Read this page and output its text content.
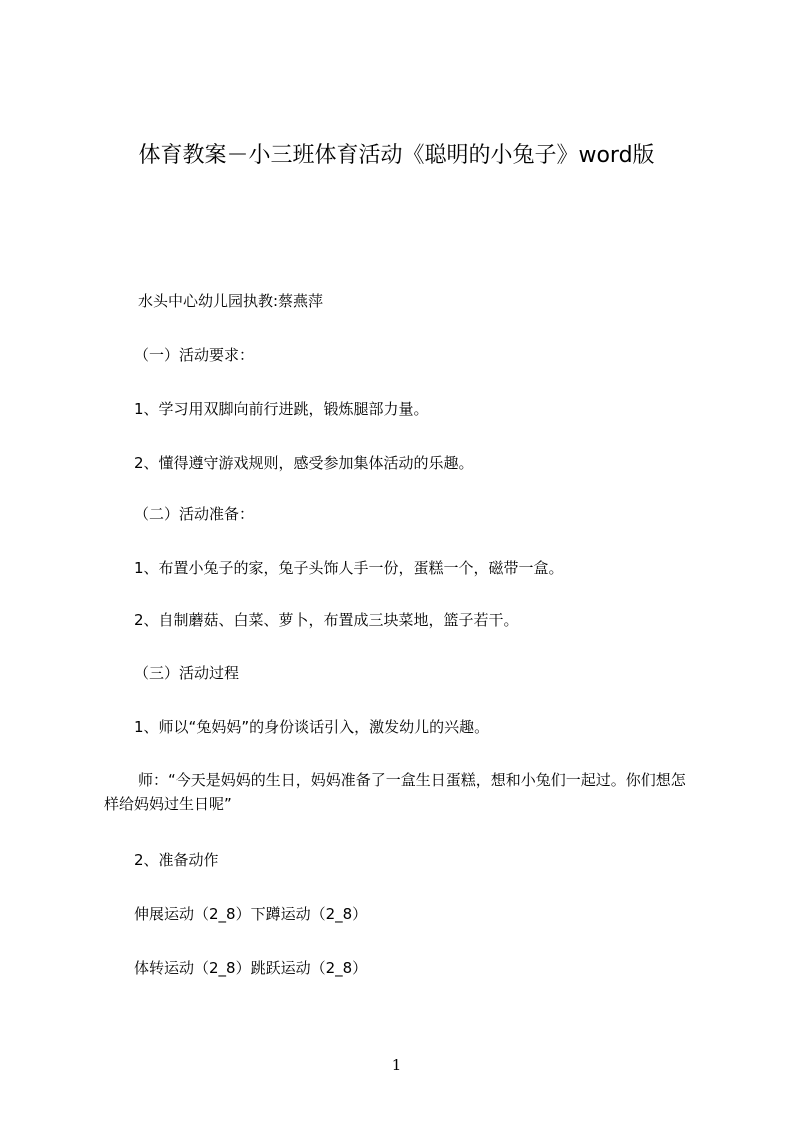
体育教案－小三班体育活动《聪明的小兔子》word版

水头中心幼儿园执教:蔡燕萍

（一）活动要求：

1、学习用双脚向前行进跳，锻炼腿部力量。

2、懂得遵守游戏规则，感受参加集体活动的乐趣。

（二）活动准备：

1、布置小兔子的家，兔子头饰人手一份，蛋糕一个，磁带一盒。

2、自制蘑菇、白菜、萝卜，布置成三块菜地，篮子若干。

（三）活动过程

1、师以“兔妈妈”的身份谈话引入，激发幼儿的兴趣。

师：“今天是妈妈的生日，妈妈准备了一盒生日蛋糕，想和小兔们一起过。你们想怎样给妈妈过生日呢”

2、准备动作

伸展运动（2_8）下蹲运动（2_8）

体转运动（2_8）跳跃运动（2_8）

1
